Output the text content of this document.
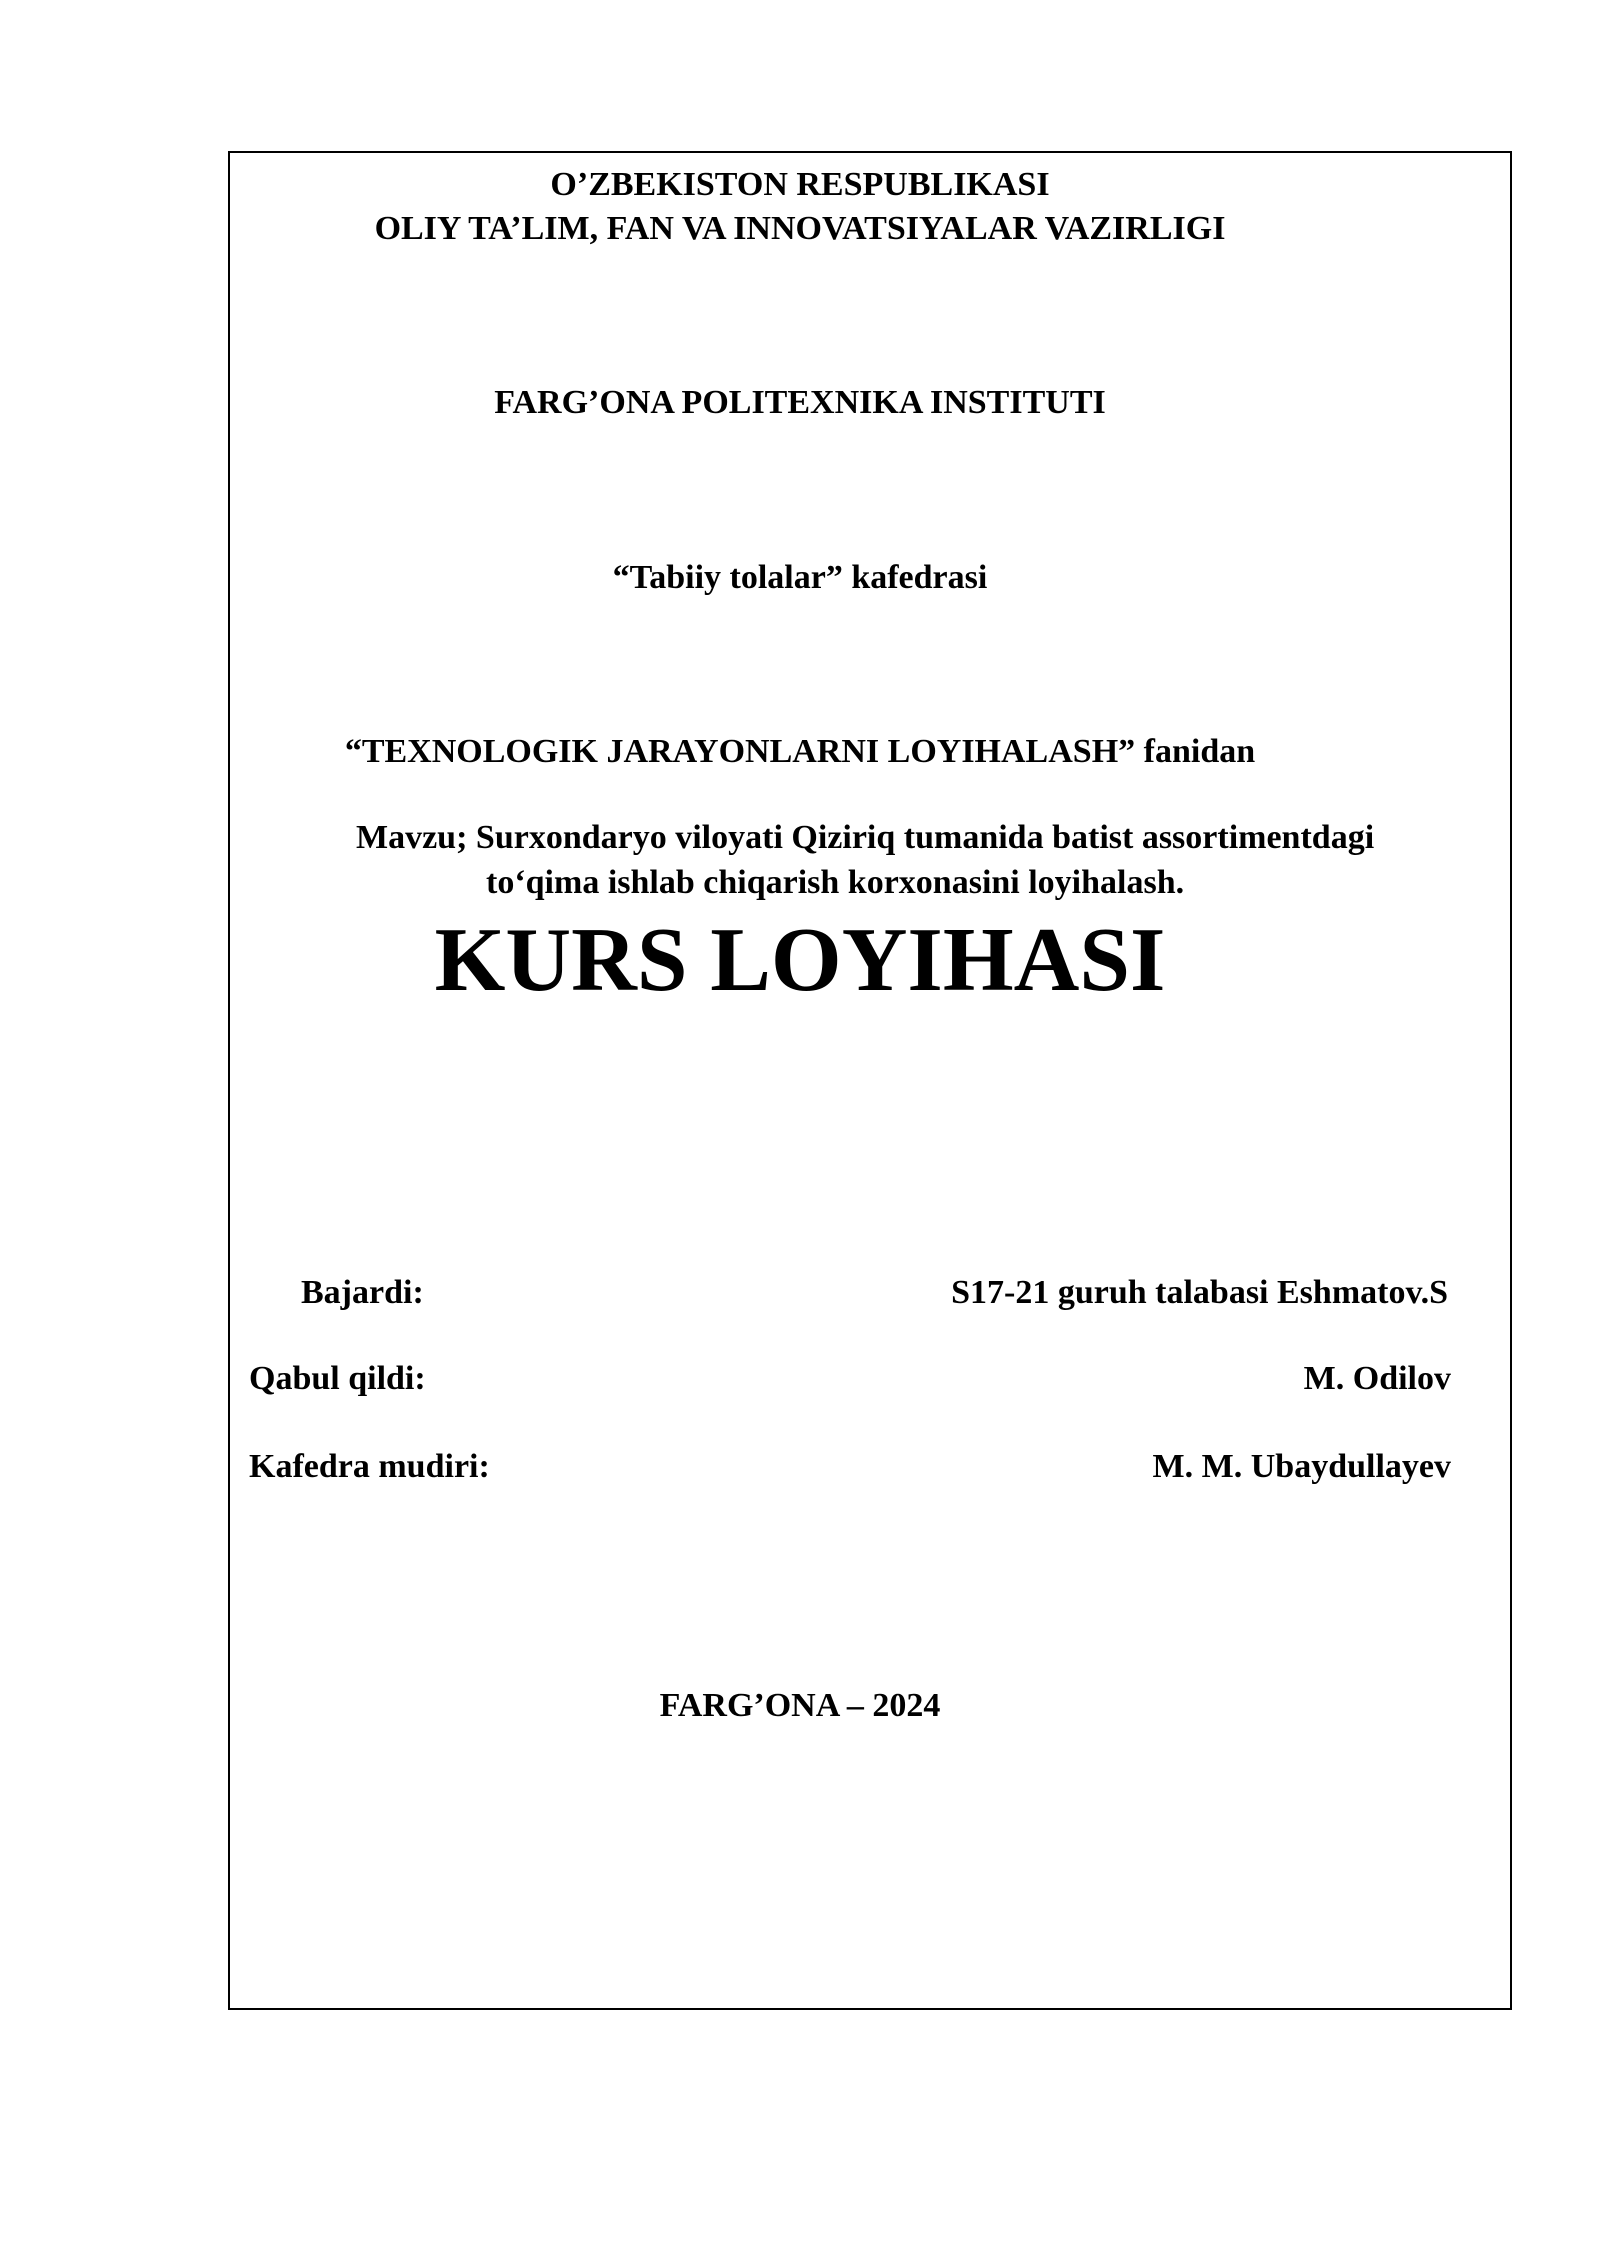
O’ZBEKISTON RESPUBLIKASI
OLIY TA’LIM, FAN VA INNOVATSIYALAR VAZIRLIGI
FARG’ONA POLITEXNIKA INSTITUTI
“Tabiiy tolalar” kafedrasi
“TEXNOLOGIK JARAYONLARNI LOYIHALASH” fanidan
Mavzu; Surxondaryo viloyati Qiziriq tumanida batist assortimentdagi
to‘qima ishlab chiqarish korxonasini loyihalash.
KURS LOYIHASI
Bajardi:	S17-21 guruh talabasi Eshmatov.S
Qabul qildi:	M. Odilov
Kafedra mudiri:	M. M. Ubaydullayev
FARG’ONA – 2024
